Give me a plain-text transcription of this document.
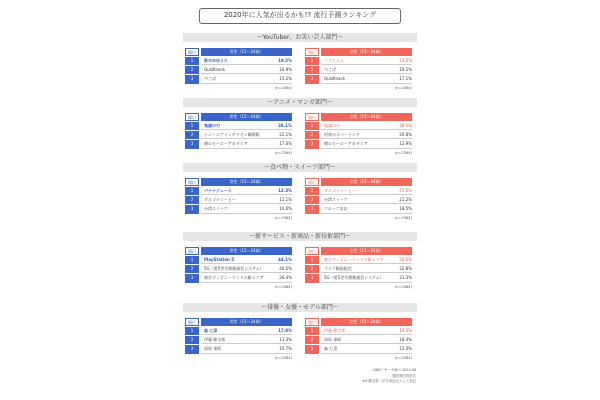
2020年に人気が出るかも!? 流行予測ランキング
〜YouTuber、お笑い芸人部門〜
順位	男性（15〜24歳）
1	鈴木ゆゆうた	19.5%
2	QuizKnock	16.9%
3	ぺこぱ	15.2%
(n=2364)
順位	女性（15〜24歳）
1	フワちゃん	23.0%
2	ぺこぱ	19.5%
3	QuizKnock	17.1%
(n=2364)
〜アニメ・マンガ部門〜
順位	男性（15〜24歳）
1	鬼滅の刃	26.1%
2	シン・エヴァンゲリオン劇場版	22.1%
3	僕のヒーローアカデミア	17.0%
(n=2364)
順位	女性（15〜24歳）
1	鬼滅の刃	36.5%
2	約束のネバーランド	20.8%
3	僕のヒーローアカデミア	12.9%
(n=2364)
〜食べ物・スイーツ部門〜
順位	男性（15〜24歳）
1	バナナジュース	12.3%
2	ダルゴナコーヒー	12.1%
3	台湾スイーツ	10.6%
(n=2364)
順位	女性（15〜24歳）
1	ダルゴナコーヒー	21.6%
2	台湾スイーツ	21.2%
3	フルーツ氷岩	18.5%
(n=2364)
〜新サービス・新商品・新技術部門〜
順位	男性（15〜24歳）
1	PlayStation 5	44.1%
2	5G（第5世代移動通信システム）	40.5%
3	東京ディズニーランドの新エリア	26.4%
(n=2364)
順位	女性（15〜24歳）
1	東京ディズニーランドの新エリア	55.5%
2	ライブ動画配信	32.8%
3	5G（第5世代移動通信システム）	31.3%
(n=2364)
〜俳優・女優・モデル部門〜
順位	男性（15〜24歳）
1	森 七菜	17.8%
2	伊藤 健太郎	11.3%
3	清原 果耶	10.7%
(n=2364)
順位	女性（15〜24歳）
1	伊藤 健太郎	19.3%
2	清原 果耶	18.4%
3	森 七菜	12.4%
(n=2364)
LINEリサーチ調べ 2020.06
選択肢回答形式
※小数点第二位を四捨五入して表記
